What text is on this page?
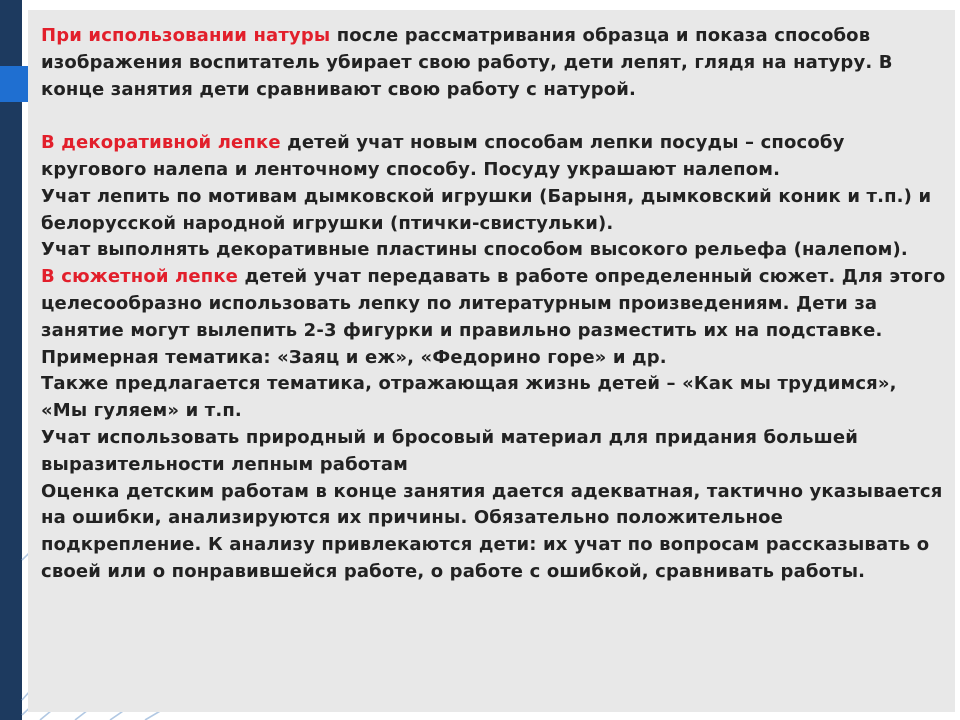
При использовании натуры после рассматривания образца и показа способов изображения воспитатель убирает свою работу, дети лепят, глядя на натуру. В конце занятия дети сравнивают свою работу с натурой.

В декоративной лепке детей учат новым способам лепки посуды – способу кругового налепа и ленточному способу. Посуду украшают налепом.

Учат лепить по мотивам дымковской игрушки (Барыня, дымковский коник и т.п.) и белорусской народной игрушки (птички-свистульки).

Учат выполнять декоративные пластины способом высокого рельефа (налепом).

В сюжетной лепке детей учат передавать в работе определенный сюжет. Для этого целесообразно использовать лепку по литературным произведениям. Дети за занятие могут вылепить 2-3 фигурки и правильно разместить их на подставке. Примерная тематика: «Заяц и еж», «Федорино горе» и др.

Также предлагается тематика, отражающая жизнь детей – «Как мы трудимся», «Мы гуляем» и т.п.

Учат использовать природный и бросовый материал для придания большей выразительности лепным работам

Оценка детским работам в конце занятия дается адекватная, тактично указывается на ошибки, анализируются их причины. Обязательно положительное подкрепление. К анализу привлекаются дети: их учат по вопросам рассказывать о своей или о понравившейся работе, о работе с ошибкой, сравнивать работы.
